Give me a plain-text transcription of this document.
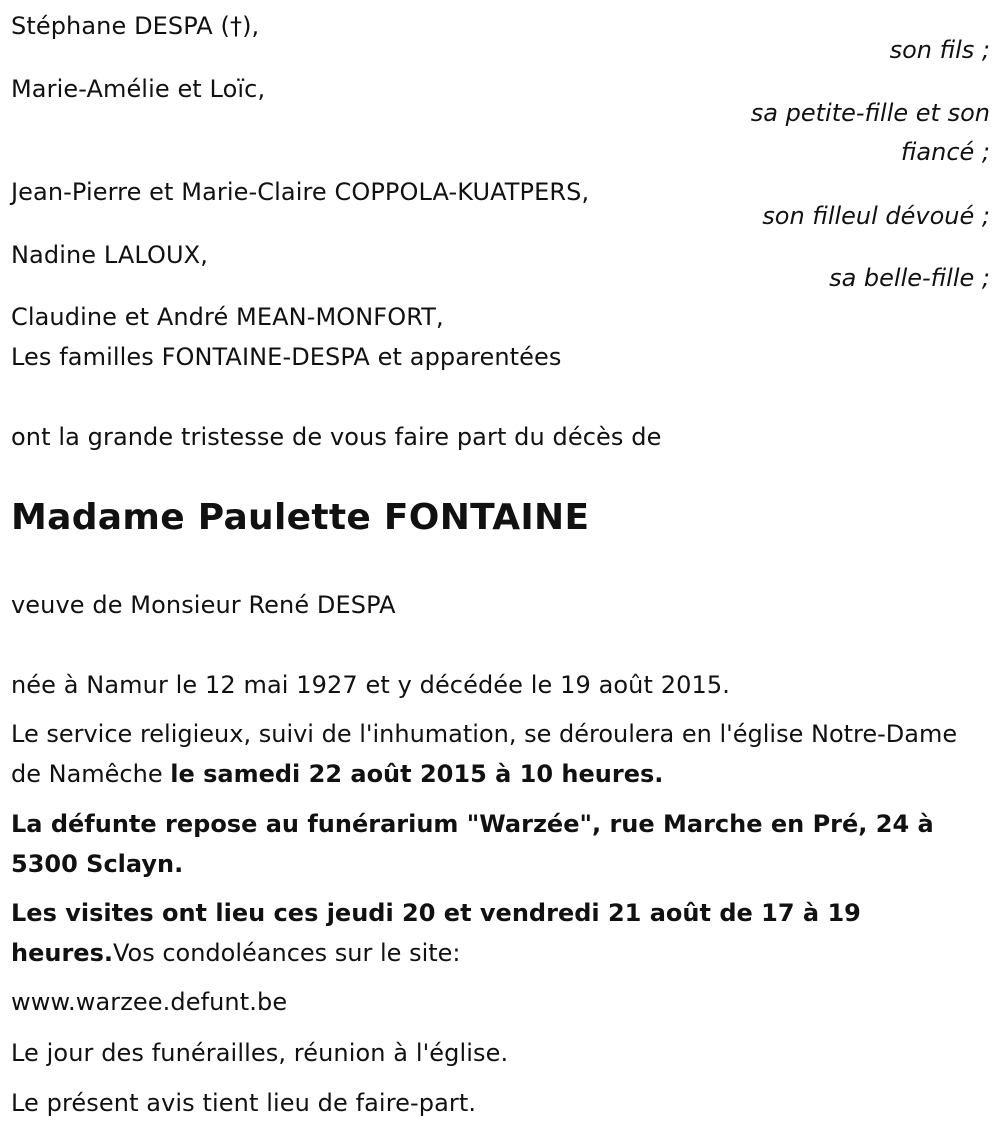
Stéphane DESPA (†),
son fils ;
Marie-Amélie et Loïc,
sa petite-fille et son
fiancé ;
Jean-Pierre et Marie-Claire COPPOLA-KUATPERS,
son filleul dévoué ;
Nadine LALOUX,
sa belle-fille ;
Claudine et André MEAN-MONFORT,
Les familles FONTAINE-DESPA et apparentées
ont la grande tristesse de vous faire part du décès de
Madame Paulette FONTAINE
veuve de Monsieur René DESPA
née à Namur le 12 mai 1927 et y décédée le 19 août 2015.
Le service religieux, suivi de l'inhumation, se déroulera en l'église Notre-Dame de Namêche le samedi 22 août 2015 à 10 heures.
La défunte repose au funérarium "Warzée", rue Marche en Pré, 24 à 5300 Sclayn.
Les visites ont lieu ces jeudi 20 et vendredi 21 août de 17 à 19 heures.Vos condoléances sur le site:
www.warzee.defunt.be
Le jour des funérailles, réunion à l'église.
Le présent avis tient lieu de faire-part.
